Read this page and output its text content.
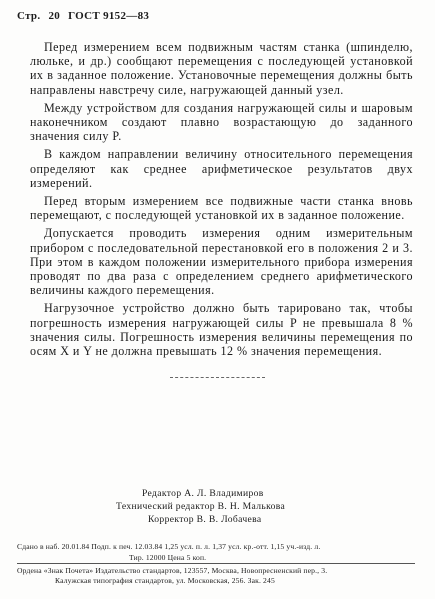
Стр. 20 ГОСТ 9152—83

Перед измерением всем подвижным частям станка (шпинделю, люльке, и др.) сообщают перемещения с последующей установкой их в заданное положение. Установочные перемещения должны быть направлены навстречу силе, нагружающей данный узел.

Между устройством для создания нагружающей силы и шаровым наконечником создают плавно возрастающую до заданного значения силу P.

В каждом направлении величину относительного перемещения определяют как среднее арифметическое результатов двух измерений.

Перед вторым измерением все подвижные части станка вновь перемещают, с последующей установкой их в заданное положение.

Допускается проводить измерения одним измерительным прибором с последовательной перестановкой его в положения 2 и 3. При этом в каждом положении измерительного прибора измерения проводят по два раза с определением среднего арифметического величины каждого перемещения.

Нагрузочное устройство должно быть тарировано так, чтобы погрешность измерения нагружающей силы P не превышала 8 % значения силы. Погрешность измерения величины перемещения по осям X и Y не должна превышать 12 % значения перемещения.

Редактор А. Л. Владимиров
Технический редактор В. Н. Малькова
Корректор В. В. Лобачева
Сдано в наб. 20.01.84 Подп. к печ. 12.03.84 1,25 усл. п. л. 1,37 усл. кр.-отт. 1,15 уч.-изд. л.
Тир. 12000 Цена 5 коп.
Ордена «Знак Почета» Издательство стандартов, 123557, Москва, Новопресненский пер., 3.
Калужская типография стандартов, ул. Московская, 256. Зак. 245
